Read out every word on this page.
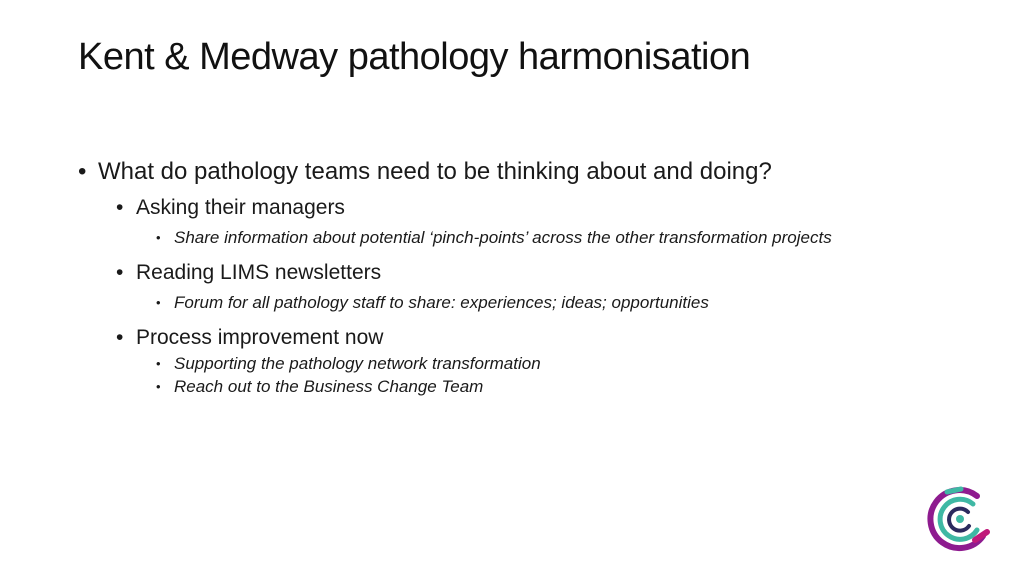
Kent & Medway pathology harmonisation
• What do pathology teams need to be thinking about and doing?
• Asking their managers
• Share information about potential ‘pinch-points’ across the other transformation projects
• Reading LIMS newsletters
• Forum for all pathology staff to share: experiences; ideas; opportunities
• Process improvement now
• Supporting the pathology network transformation
• Reach out to the Business Change Team
